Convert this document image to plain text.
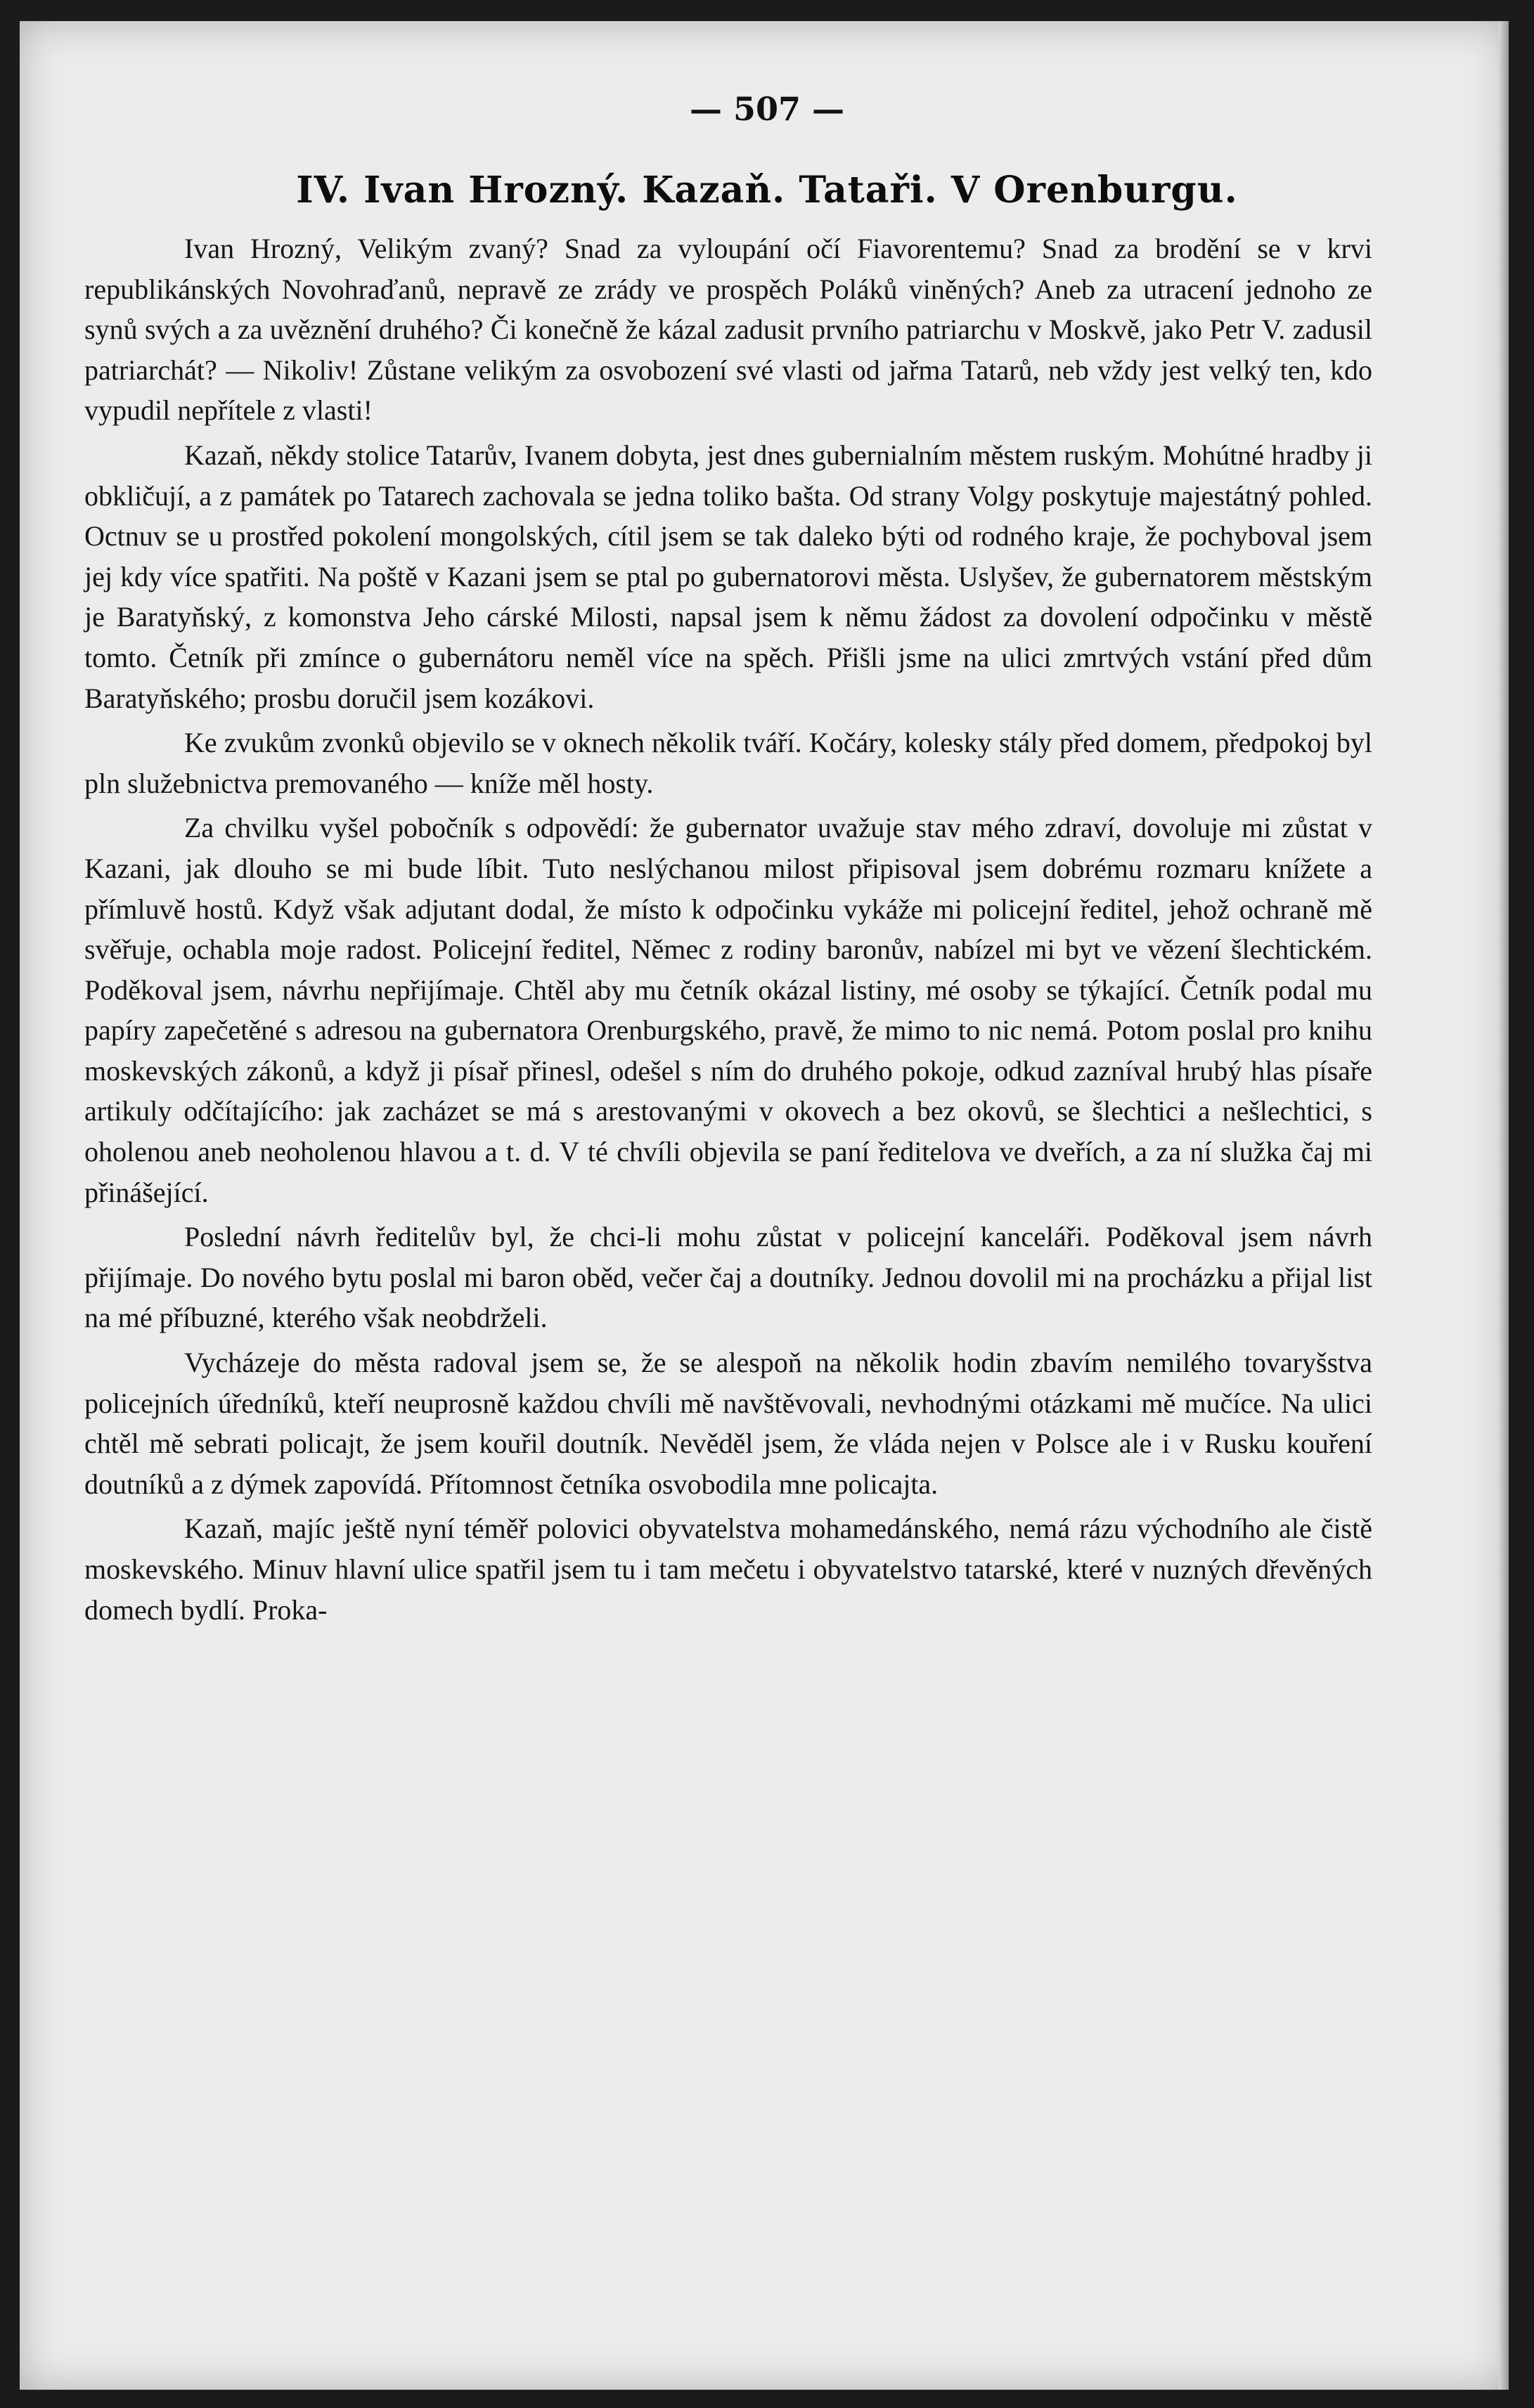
— 507 —
IV. Ivan Hrozný. Kazaň. Tataři. V Orenburgu.

Ivan Hrozný, Velikým zvaný? Snad za vyloupání očí Fiavorentemu? Snad za brodění se v krvi republikánských Novohraďanů, nepravě ze zrády ve prospěch Poláků viněných? Aneb za utracení jednoho ze synů svých a za uvěznění druhého? Či konečně že kázal zadusit prvního patriarchu v Moskvě, jako Petr V. zadusil patriarchát? — Nikoliv! Zůstane velikým za osvobození své vlasti od jařma Tatarů, neb vždy jest velký ten, kdo vypudil nepřítele z vlasti!

Kazaň, někdy stolice Tatarův, Ivanem dobyta, jest dnes gubernialním městem ruským. Mohútné hradby ji obkličují, a z památek po Tatarech zachovala se jedna toliko bašta. Od strany Volgy poskytuje majestátný pohled. Octnuv se u prostřed pokolení mongolských, cítil jsem se tak daleko býti od rodného kraje, že pochyboval jsem jej kdy více spatřiti. Na poště v Kazani jsem se ptal po gubernatorovi města. Uslyšev, že gubernatorem městským je Baratyňský, z komonstva Jeho cárské Milosti, napsal jsem k němu žádost za dovolení odpočinku v městě tomto. Četník při zmínce o gubernátoru neměl více na spěch. Přišli jsme na ulici zmrtvých vstání před dům Baratyňského; prosbu doručil jsem kozákovi.

Ke zvukům zvonků objevilo se v oknech několik tváří. Kočáry, kolesky stály před domem, předpokoj byl pln služebnictva premovaného — kníže měl hosty.

Za chvilku vyšel pobočník s odpovědí: že gubernator uvažuje stav mého zdraví, dovoluje mi zůstat v Kazani, jak dlouho se mi bude líbit. Tuto neslýchanou milost připisoval jsem dobrému rozmaru knížete a přímluvě hostů. Když však adjutant dodal, že místo k odpočinku vykáže mi policejní ředitel, jehož ochraně mě svěřuje, ochabla moje radost. Policejní ředitel, Němec z rodiny baronův, nabízel mi byt ve vězení šlechtickém. Poděkoval jsem, návrhu nepřijímaje. Chtěl aby mu četník okázal listiny, mé osoby se týkající. Četník podal mu papíry zapečetěné s adresou na gubernatora Orenburgského, pravě, že mimo to nic nemá. Potom poslal pro knihu moskevských zákonů, a když ji písař přinesl, odešel s ním do druhého pokoje, odkud zazníval hrubý hlas písaře artikuly odčítajícího: jak zacházet se má s arestovanými v okovech a bez okovů, se šlechtici a nešlechtici, s oholenou aneb neoholenou hlavou a t. d. V té chvíli objevila se paní ředitelova ve dveřích, a za ní služka čaj mi přinášející.

Poslední návrh ředitelův byl, že chci-li mohu zůstat v policejní kanceláři. Poděkoval jsem návrh přijímaje. Do nového bytu poslal mi baron oběd, večer čaj a doutníky. Jednou dovolil mi na procházku a přijal list na mé příbuzné, kterého však neobdrželi.

Vycházeje do města radoval jsem se, že se alespoň na několik hodin zbavím nemilého tovaryšstva policejních úředníků, kteří neuprosně každou chvíli mě navštěvovali, nevhodnými otázkami mě mučíce. Na ulici chtěl mě sebrati policajt, že jsem kouřil doutník. Nevěděl jsem, že vláda nejen v Polsce ale i v Rusku kouření doutníků a z dýmek zapovídá. Přítomnost četníka osvobodila mne policajta.

Kazaň, majíc ještě nyní téměř polovici obyvatelstva mohamedánského, nemá rázu východního ale čistě moskevského. Minuv hlavní ulice spatřil jsem tu i tam mečetu i obyvatelstvo tatarské, které v nuzných dřevěných domech bydlí. Proka-
